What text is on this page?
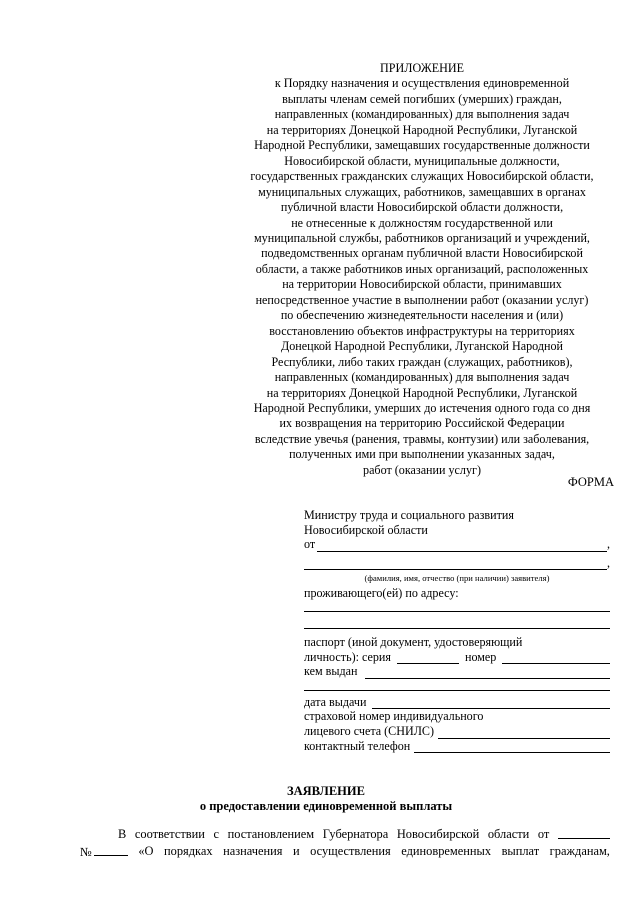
ПРИЛОЖЕНИЕ
к Порядку назначения и осуществления единовременной
выплаты членам семей погибших (умерших) граждан,
направленных (командированных) для выполнения задач
на территориях Донецкой Народной Республики, Луганской
Народной Республики, замещавших государственные должности
Новосибирской области, муниципальные должности,
государственных гражданских служащих Новосибирской области,
муниципальных служащих, работников, замещавших в органах
публичной власти Новосибирской области должности,
не отнесенные к должностям государственной или
муниципальной службы, работников организаций и учреждений,
подведомственных органам публичной власти Новосибирской
области, а также работников иных организаций, расположенных
на территории Новосибирской области, принимавших
непосредственное участие в выполнении работ (оказании услуг)
по обеспечению жизнедеятельности населения и (или)
восстановлению объектов инфраструктуры на территориях
Донецкой Народной Республики, Луганской Народной
Республики, либо таких граждан (служащих, работников),
направленных (командированных) для выполнения задач
на территориях Донецкой Народной Республики, Луганской
Народной Республики, умерших до истечения одного года со дня
их возвращения на территорию Российской Федерации
вследствие увечья (ранения, травмы, контузии) или заболевания,
полученных ими при выполнении указанных задач,
работ (оказании услуг)
ФОРМА
Министру труда и социального развития
Новосибирской области
от	,
,
(фамилия, имя, отчество (при наличии) заявителя)
проживающего(ей) по адресу:
паспорт (иной документ, удостоверяющий
личность): серия	номер
кем выдан
дата выдачи
страховой номер индивидуального
лицевого счета (СНИЛС)
контактный телефон
ЗАЯВЛЕНИЕ
о предоставлении единовременной выплаты
В соответствии с постановлением Губернатора Новосибирской области от
№	«О порядках назначения и осуществления единовременных выплат гражданам,
